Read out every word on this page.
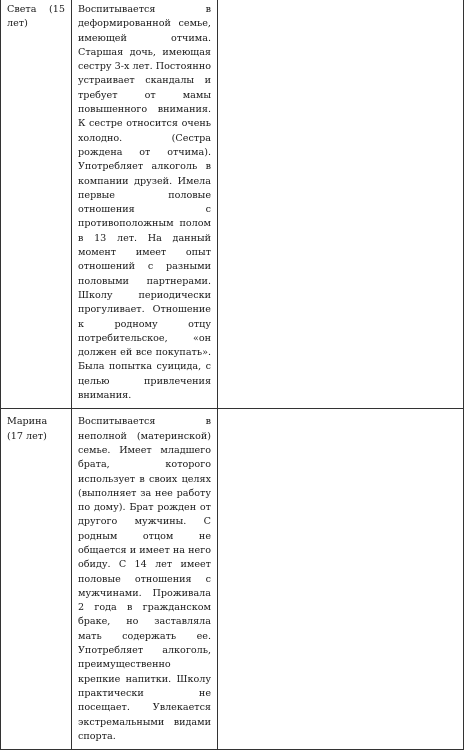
Света (15 лет)	Воспитывается в деформированной семье, имеющей отчима. Старшая дочь, имеющая сестру 3-х лет. Постоянно устраивает скандалы и требует от мамы повышенного внимания. К сестре относится очень холодно. (Сестра рождена от отчима). Употребляет алкоголь в компании друзей. Имела первые половые отношения с противоположным полом в 13 лет. На данный момент имеет опыт отношений с разными половыми партнерами. Школу периодически прогуливает. Отношение к родному отцу потребительское, «он должен ей все покупать». Была попытка суицида, с целью привлечения внимания.	
Марина (17 лет)	Воспитывается в неполной (материнской) семье. Имеет младшего брата, которого использует в своих целях (выполняет за нее работу по дому). Брат рожден от другого мужчины. С родным отцом не общается и имеет на него обиду. С 14 лет имеет половые отношения с мужчинами. Проживала 2 года в гражданском браке, но заставляла мать содержать ее. Употребляет алкоголь, преимущественно крепкие напитки. Школу практически не посещает. Увлекается экстремальными видами спорта.	
